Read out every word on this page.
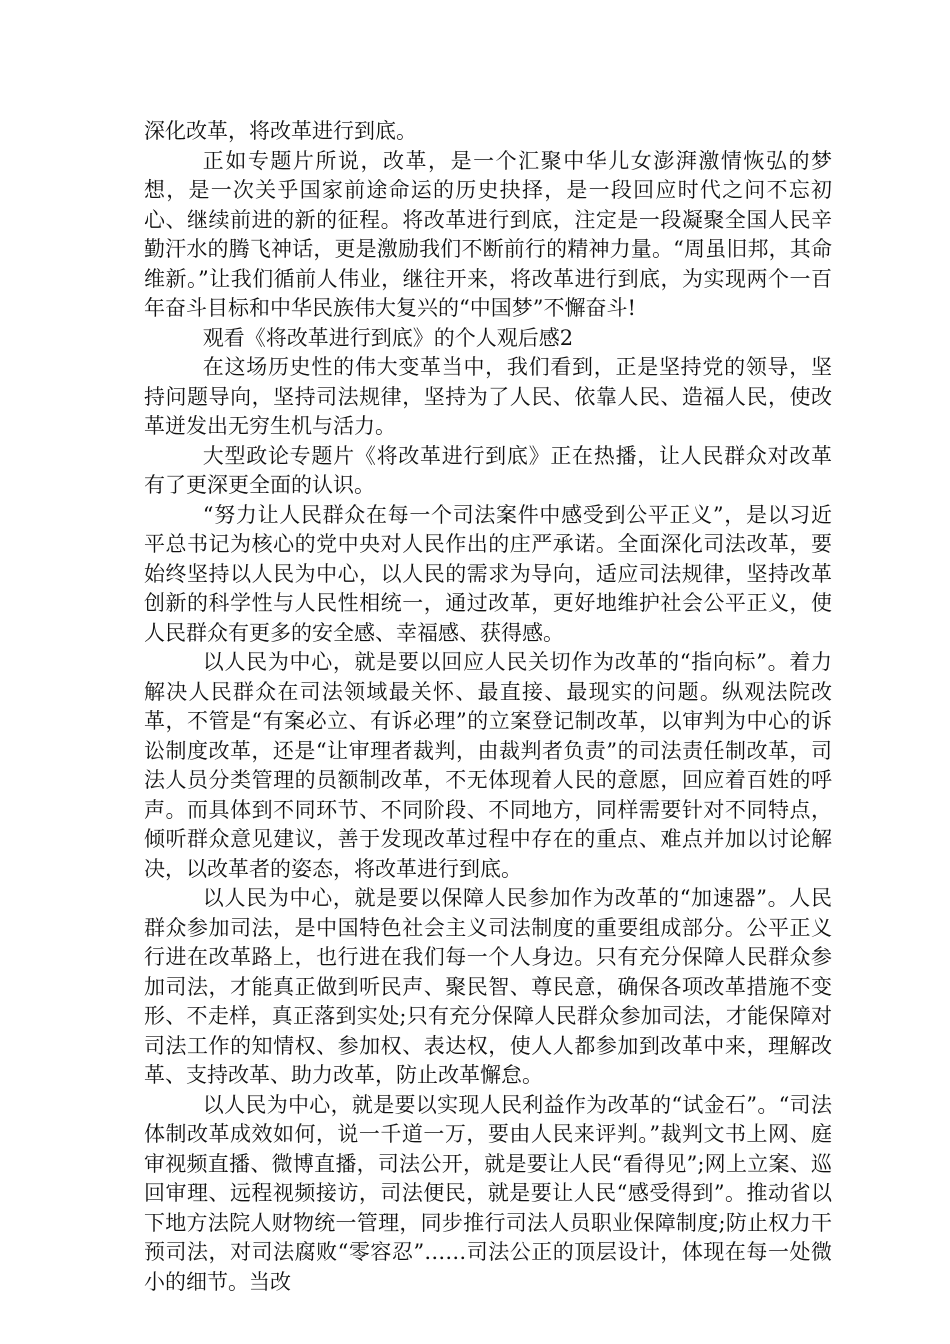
深化改革，将改革进行到底。

正如专题片所说，改革，是一个汇聚中华儿女澎湃激情恢弘的梦想，是一次关乎国家前途命运的历史抉择，是一段回应时代之问不忘初心、继续前进的新的征程。将改革进行到底，注定是一段凝聚全国人民辛勤汗水的腾飞神话，更是激励我们不断前行的精神力量。“周虽旧邦，其命维新。”让我们循前人伟业，继往开来，将改革进行到底，为实现两个一百年奋斗目标和中华民族伟大复兴的“中国梦”不懈奋斗!

观看《将改革进行到底》的个人观后感2

在这场历史性的伟大变革当中，我们看到，正是坚持党的领导，坚持问题导向，坚持司法规律，坚持为了人民、依靠人民、造福人民，使改革迸发出无穷生机与活力。

大型政论专题片《将改革进行到底》正在热播，让人民群众对改革有了更深更全面的认识。

“努力让人民群众在每一个司法案件中感受到公平正义”，是以习近平总书记为核心的党中央对人民作出的庄严承诺。全面深化司法改革，要始终坚持以人民为中心，以人民的需求为导向，适应司法规律，坚持改革创新的科学性与人民性相统一，通过改革，更好地维护社会公平正义，使人民群众有更多的安全感、幸福感、获得感。

以人民为中心，就是要以回应人民关切作为改革的“指向标”。着力解决人民群众在司法领域最关怀、最直接、最现实的问题。纵观法院改革，不管是“有案必立、有诉必理”的立案登记制改革，以审判为中心的诉讼制度改革，还是“让审理者裁判，由裁判者负责”的司法责任制改革，司法人员分类管理的员额制改革，不无体现着人民的意愿，回应着百姓的呼声。而具体到不同环节、不同阶段、不同地方，同样需要针对不同特点，倾听群众意见建议，善于发现改革过程中存在的重点、难点并加以讨论解决，以改革者的姿态，将改革进行到底。

以人民为中心，就是要以保障人民参加作为改革的“加速器”。人民群众参加司法，是中国特色社会主义司法制度的重要组成部分。公平正义行进在改革路上，也行进在我们每一个人身边。只有充分保障人民群众参加司法，才能真正做到听民声、聚民智、尊民意，确保各项改革措施不变形、不走样，真正落到实处;只有充分保障人民群众参加司法，才能保障对司法工作的知情权、参加权、表达权，使人人都参加到改革中来，理解改革、支持改革、助力改革，防止改革懈怠。

以人民为中心，就是要以实现人民利益作为改革的“试金石”。“司法体制改革成效如何，说一千道一万，要由人民来评判。”裁判文书上网、庭审视频直播、微博直播，司法公开，就是要让人民“看得见”;网上立案、巡回审理、远程视频接访，司法便民，就是要让人民“感受得到”。推动省以下地方法院人财物统一管理，同步推行司法人员职业保障制度;防止权力干预司法，对司法腐败“零容忍”……司法公正的顶层设计，体现在每一处微小的细节。当改
